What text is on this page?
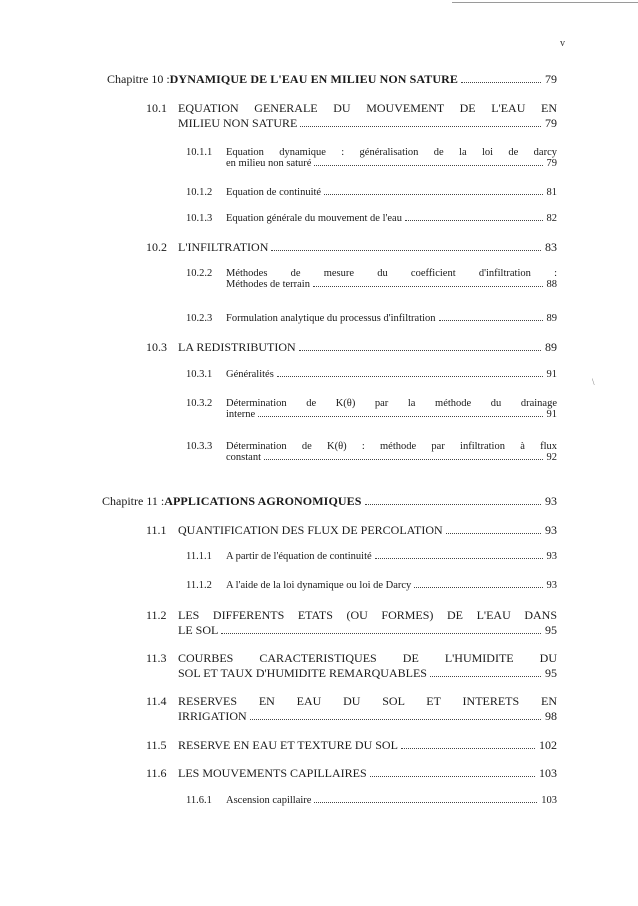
v
\
Chapitre 10 : DYNAMIQUE DE L'EAU EN MILIEU NON SATURE	79
10.1 EQUATION GENERALE DU MOUVEMENT DE L'EAU EN
MILIEU NON SATURE	79
10.1.1	Equation dynamique : généralisation de la loi de darcy
en milieu non saturé	79
10.1.2	Equation de continuité	81
10.1.3	Equation générale du mouvement de l'eau	82
10.2 L'INFILTRATION	83
10.2.2	Méthodes de mesure du coefficient d'infiltration :
Méthodes de terrain	88
10.2.3	Formulation analytique du processus d'infiltration	89
10.3 LA REDISTRIBUTION	89
10.3.1	Généralités	91
10.3.2	Détermination de K(θ) par la méthode du drainage
interne	91
10.3.3	Détermination de K(θ) : méthode par infiltration à flux
constant	92
Chapitre 11 : APPLICATIONS AGRONOMIQUES	93
11.1 QUANTIFICATION DES FLUX DE PERCOLATION	93
11.1.1	A partir de l'équation de continuité	93
11.1.2	A l'aide de la loi dynamique ou loi de Darcy	93
11.2 LES DIFFERENTS ETATS (OU FORMES) DE L'EAU DANS
LE SOL	95
11.3 COURBES CARACTERISTIQUES DE L'HUMIDITE DU
SOL ET TAUX D'HUMIDITE REMARQUABLES	95
11.4 RESERVES EN EAU DU SOL ET INTERETS EN
IRRIGATION	98
11.5 RESERVE EN EAU ET TEXTURE DU SOL	102
11.6 LES MOUVEMENTS CAPILLAIRES	103
11.6.1	Ascension capillaire	103
